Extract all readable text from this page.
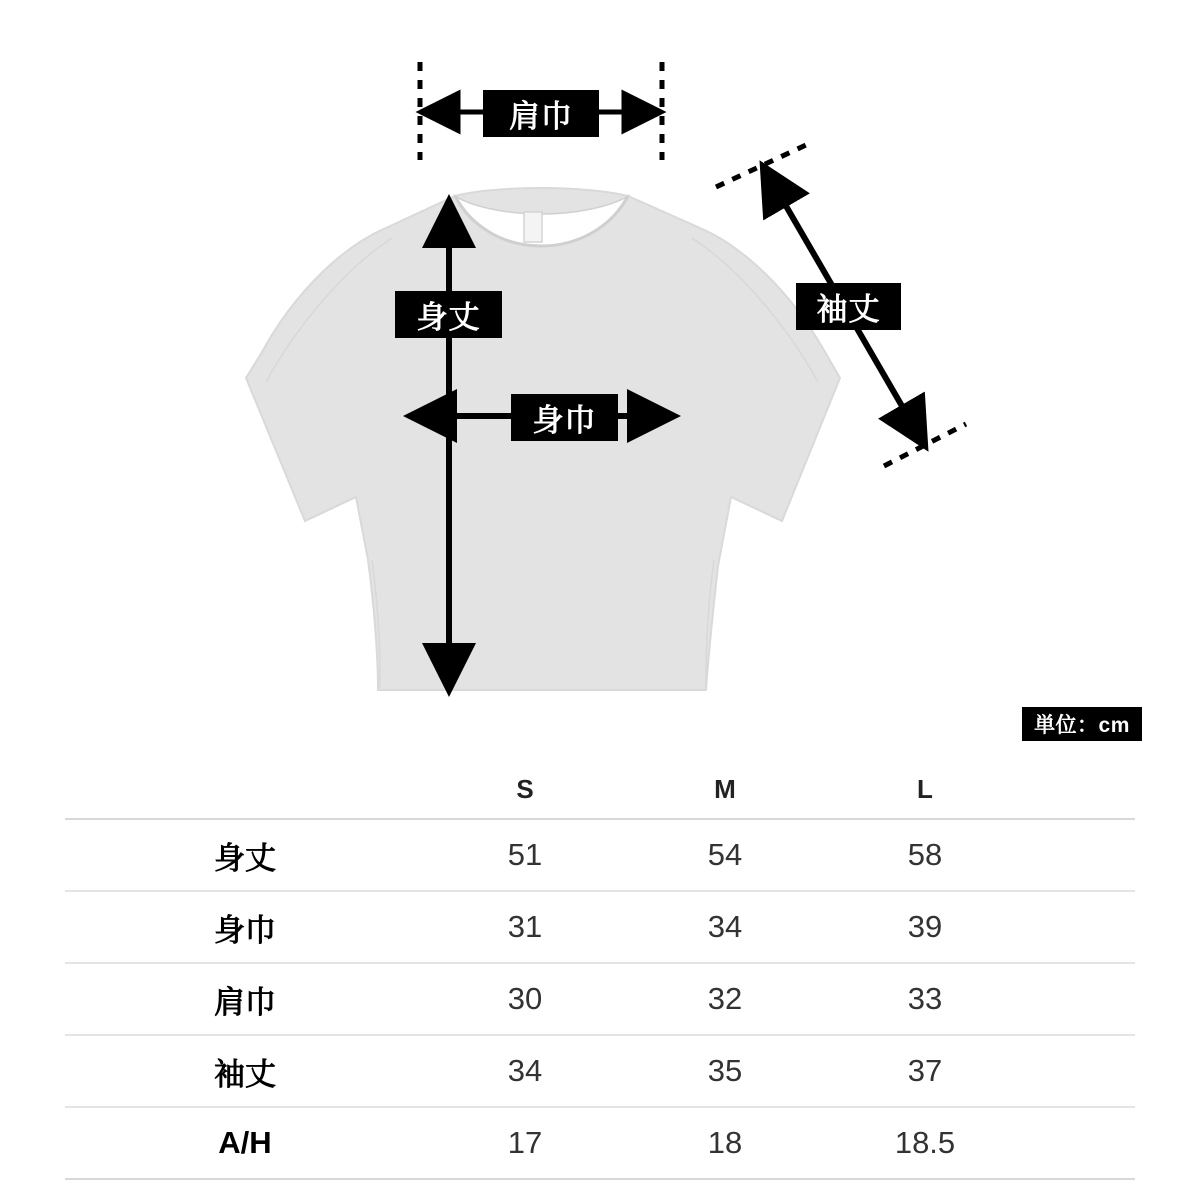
肩巾
身丈
身巾
袖丈
単位：cm
	S	M	L	
身丈	51	54	58	
身巾	31	34	39	
肩巾	30	32	33	
袖丈	34	35	37	
A/H	17	18	18.5	
